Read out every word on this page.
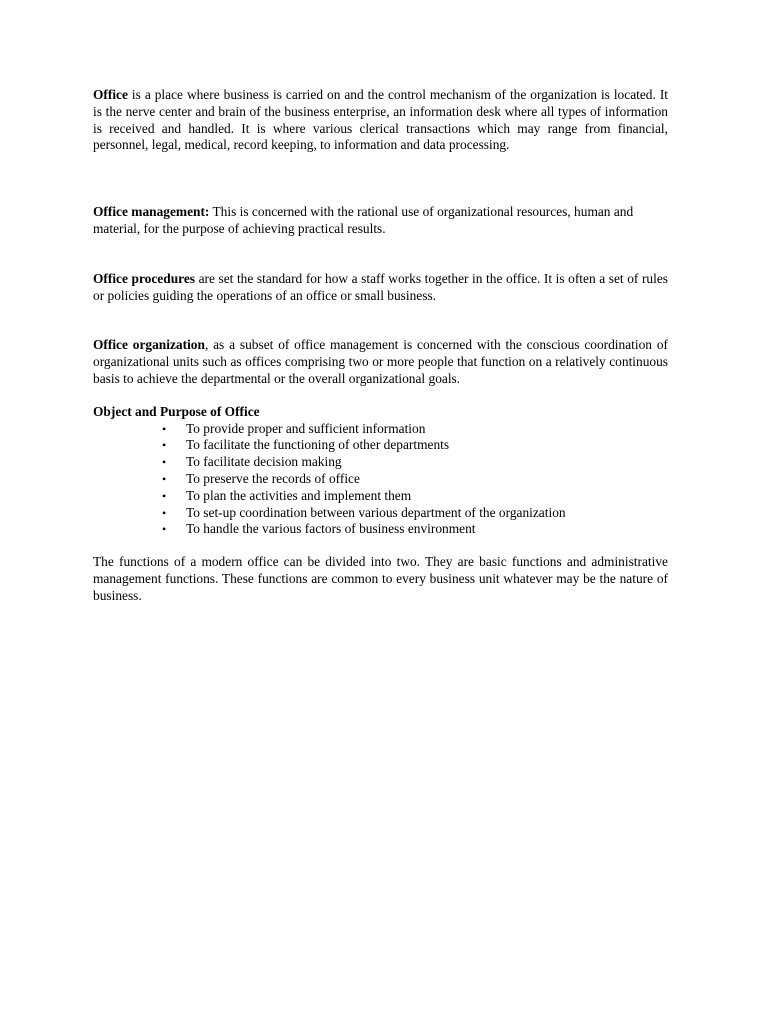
Office is a place where business is carried on and the control mechanism of the organization is located. It is the nerve center and brain of the business enterprise, an information desk where all types of information is received and handled. It is where various clerical transactions which may range from financial, personnel, legal, medical, record keeping, to information and data processing.

Office management: This is concerned with the rational use of organizational resources, human and material, for the purpose of achieving practical results.

Office procedures are set the standard for how a staff works together in the office. It is often a set of rules or policies guiding the operations of an office or small business.

Office organization, as a subset of office management is concerned with the conscious coordination of organizational units such as offices comprising two or more people that function on a relatively continuous basis to achieve the departmental or the overall organizational goals.

Object and Purpose of Office

• To provide proper and sufficient information
• To facilitate the functioning of other departments
• To facilitate decision making
• To preserve the records of office
• To plan the activities and implement them
• To set-up coordination between various department of the organization
• To handle the various factors of business environment

The functions of a modern office can be divided into two. They are basic functions and administrative management functions. These functions are common to every business unit whatever may be the nature of business.
